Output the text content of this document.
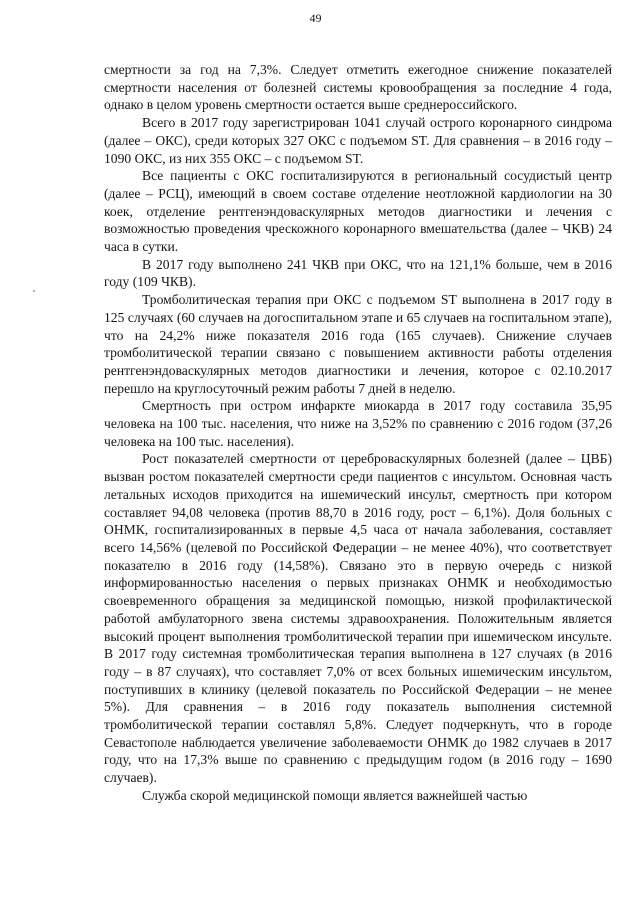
49

смертности за год на 7,3%. Следует отметить ежегодное снижение показателей смертности населения от болезней системы кровообращения за последние 4 года, однако в целом уровень смертности остается выше среднероссийского.

Всего в 2017 году зарегистрирован 1041 случай острого коронарного синдрома (далее – ОКС), среди которых 327 ОКС с подъемом ST. Для сравнения – в 2016 году – 1090 ОКС, из них 355 ОКС – с подъемом ST.

Все пациенты с ОКС госпитализируются в региональный сосудистый центр (далее – РСЦ), имеющий в своем составе отделение неотложной кардиологии на 30 коек, отделение рентгенэндоваскулярных методов диагностики и лечения с возможностью проведения чрескожного коронарного вмешательства (далее – ЧКВ) 24 часа в сутки.

В 2017 году выполнено 241 ЧКВ при ОКС, что на 121,1% больше, чем в 2016 году (109 ЧКВ).

Тромболитическая терапия при ОКС с подъемом ST выполнена в 2017 году в 125 случаях (60 случаев на догоспитальном этапе и 65 случаев на госпитальном этапе), что на 24,2% ниже показателя 2016 года (165 случаев). Снижение случаев тромболитической терапии связано с повышением активности работы отделения рентгенэндоваскулярных методов диагностики и лечения, которое с 02.10.2017 перешло на круглосуточный режим работы 7 дней в неделю.

Смертность при остром инфаркте миокарда в 2017 году составила 35,95 человека на 100 тыс. населения, что ниже на 3,52% по сравнению с 2016 годом (37,26 человека на 100 тыс. населения).

Рост показателей смертности от цереброваскулярных болезней (далее – ЦВБ) вызван ростом показателей смертности среди пациентов с инсультом. Основная часть летальных исходов приходится на ишемический инсульт, смертность при котором составляет 94,08 человека (против 88,70 в 2016 году, рост – 6,1%). Доля больных с ОНМК, госпитализированных в первые 4,5 часа от начала заболевания, составляет всего 14,56% (целевой по Российской Федерации – не менее 40%), что соответствует показателю в 2016 году (14,58%). Связано это в первую очередь с низкой информированностью населения о первых признаках ОНМК и необходимостью своевременного обращения за медицинской помощью, низкой профилактической работой амбулаторного звена системы здравоохранения. Положительным является высокий процент выполнения тромболитической терапии при ишемическом инсульте. В 2017 году системная тромболитическая терапия выполнена в 127 случаях (в 2016 году – в 87 случаях), что составляет 7,0% от всех больных ишемическим инсультом, поступивших в клинику (целевой показатель по Российской Федерации – не менее 5%). Для сравнения – в 2016 году показатель выполнения системной тромболитической терапии составлял 5,8%. Следует подчеркнуть, что в городе Севастополе наблюдается увеличение заболеваемости ОНМК до 1982 случаев в 2017 году, что на 17,3% выше по сравнению с предыдущим годом (в 2016 году – 1690 случаев).

Служба скорой медицинской помощи является важнейшей частью
